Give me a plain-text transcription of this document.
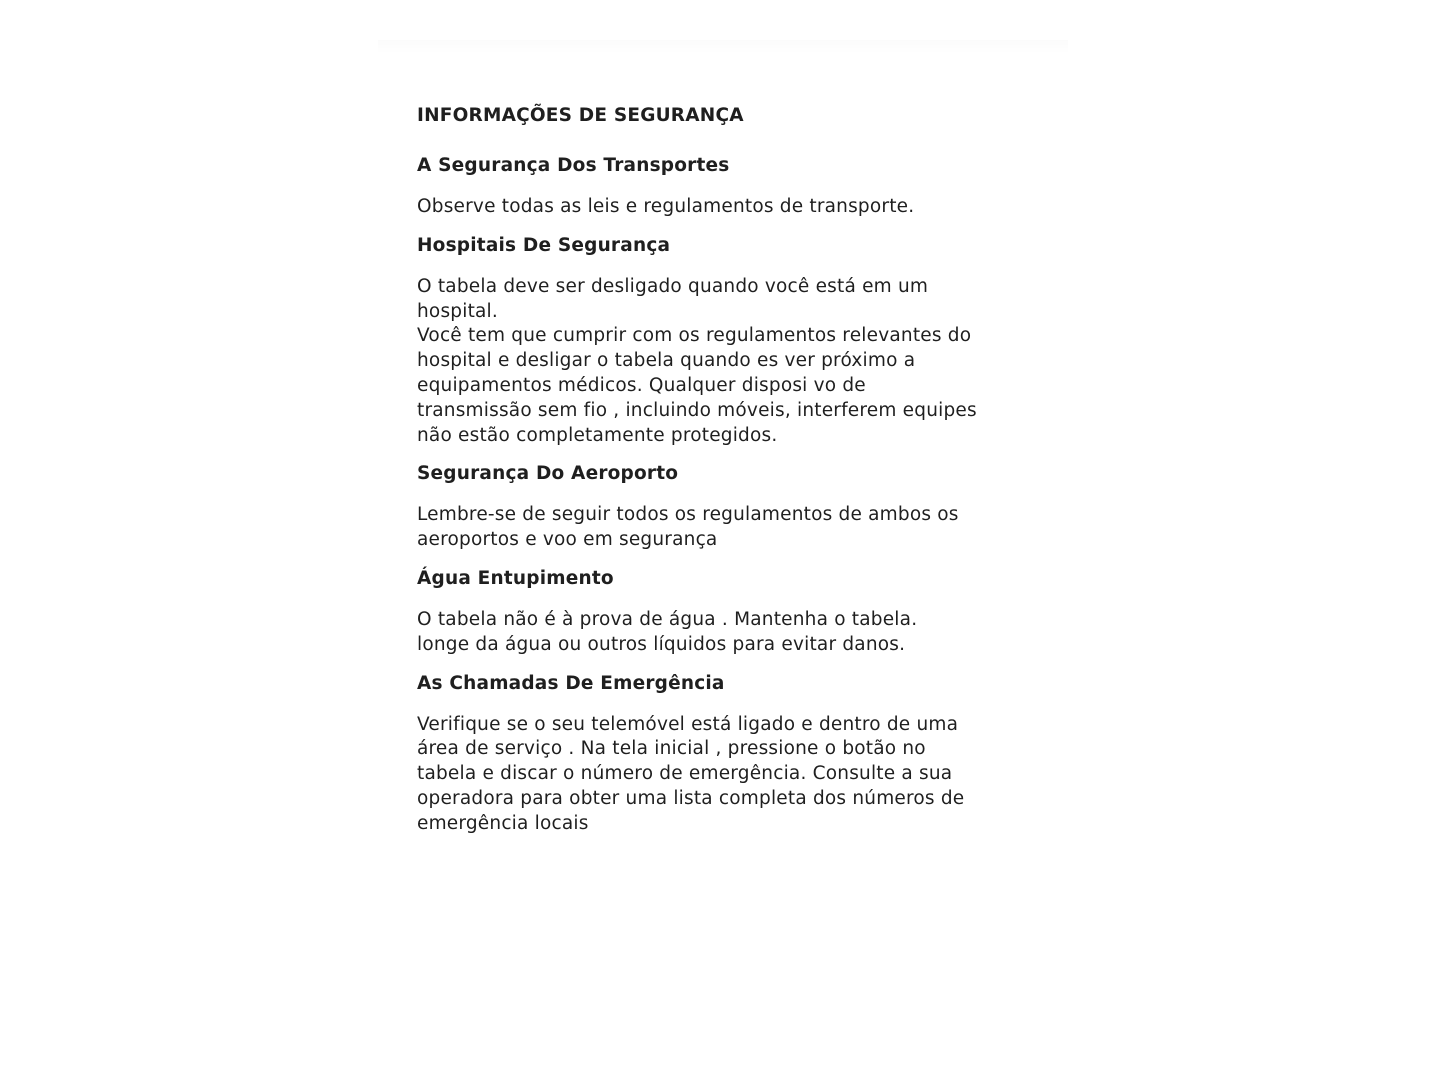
INFORMAÇÕES DE SEGURANÇA
A Segurança Dos Transportes
Observe todas as leis e regulamentos de transporte.
Hospitais De Segurança
O tabela deve ser desligado quando você está em um
hospital.
Você tem que cumprir com os regulamentos relevantes do
hospital e desligar o tabela quando es ver próximo a
equipamentos médicos. Qualquer disposi vo de
transmissão sem fio , incluindo móveis, interferem equipes
não estão completamente protegidos.
Segurança Do Aeroporto
Lembre-se de seguir todos os regulamentos de ambos os
aeroportos e voo em segurança
Água Entupimento
O tabela não é à prova de água . Mantenha o tabela.
longe da água ou outros líquidos para evitar danos.
As Chamadas De Emergência
Verifique se o seu telemóvel está ligado e dentro de uma
área de serviço . Na tela inicial , pressione o botão no
tabela e discar o número de emergência. Consulte a sua
operadora para obter uma lista completa dos números de
emergência locais
